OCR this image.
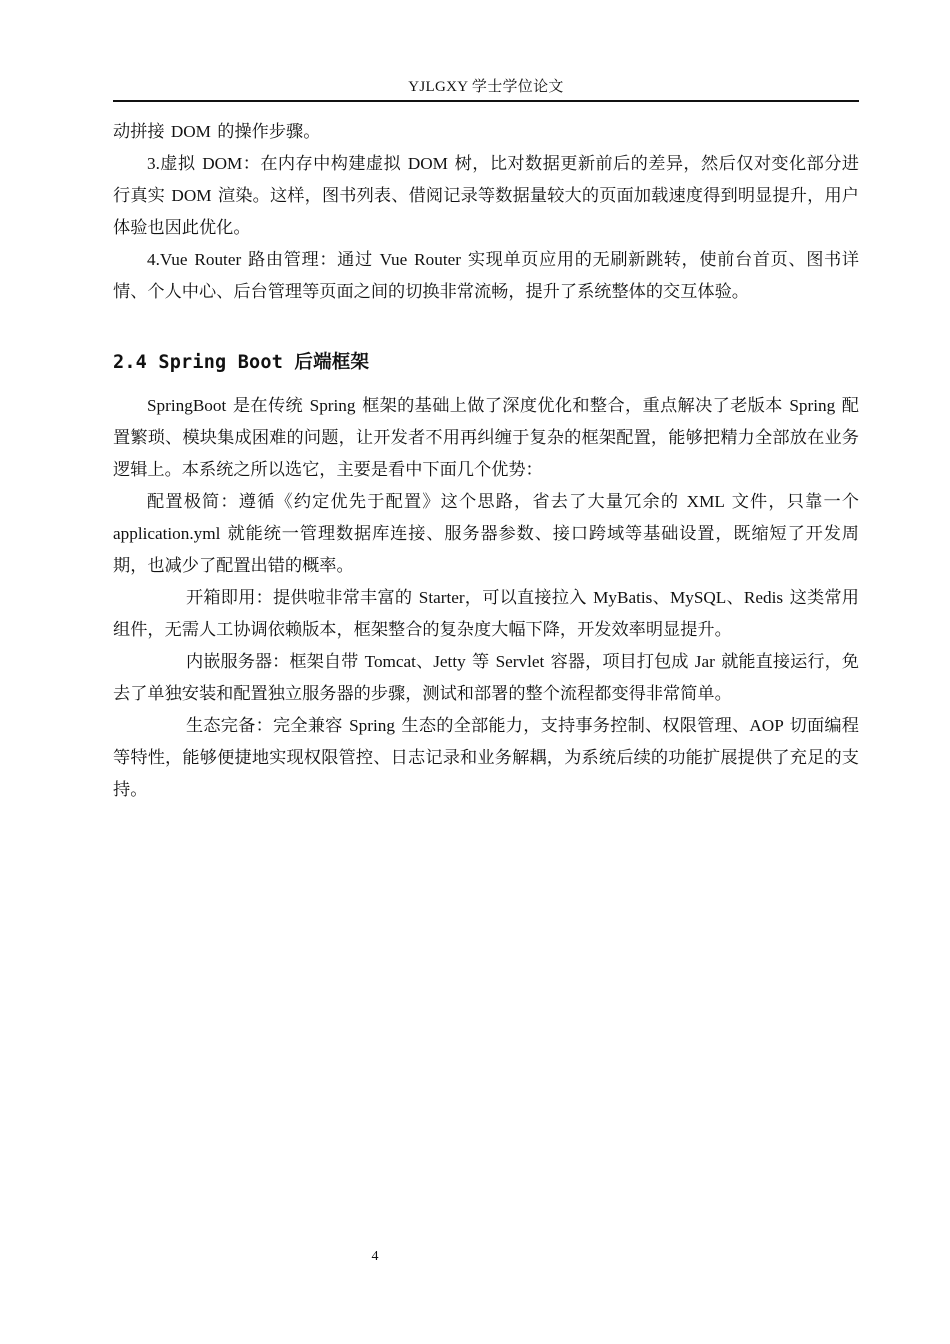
YJLGXY 学士学位论文

动拼接 DOM 的操作步骤。

3.虚拟 DOM：在内存中构建虚拟 DOM 树，比对数据更新前后的差异，然后仅对变化部分进行真实 DOM 渲染。这样，图书列表、借阅记录等数据量较大的页面加载速度得到明显提升，用户体验也因此优化。

4.Vue Router 路由管理：通过 Vue Router 实现单页应用的无刷新跳转，使前台首页、图书详情、个人中心、后台管理等页面之间的切换非常流畅，提升了系统整体的交互体验。

2.4 Spring Boot 后端框架

SpringBoot 是在传统 Spring 框架的基础上做了深度优化和整合，重点解决了老版本 Spring 配置繁琐、模块集成困难的问题，让开发者不用再纠缠于复杂的框架配置，能够把精力全部放在业务逻辑上。本系统之所以选它，主要是看中下面几个优势：

配置极简：遵循《约定优先于配置》这个思路，省去了大量冗余的 XML 文件，只靠一个 application.yml 就能统一管理数据库连接、服务器参数、接口跨域等基础设置，既缩短了开发周期，也减少了配置出错的概率。

开箱即用：提供啦非常丰富的 Starter，可以直接拉入 MyBatis、MySQL、Redis 这类常用组件，无需人工协调依赖版本，框架整合的复杂度大幅下降，开发效率明显提升。

内嵌服务器：框架自带 Tomcat、Jetty 等 Servlet 容器，项目打包成 Jar 就能直接运行，免去了单独安装和配置独立服务器的步骤，测试和部署的整个流程都变得非常简单。

生态完备：完全兼容 Spring 生态的全部能力，支持事务控制、权限管理、AOP 切面编程等特性，能够便捷地实现权限管控、日志记录和业务解耦，为系统后续的功能扩展提供了充足的支持。

4
